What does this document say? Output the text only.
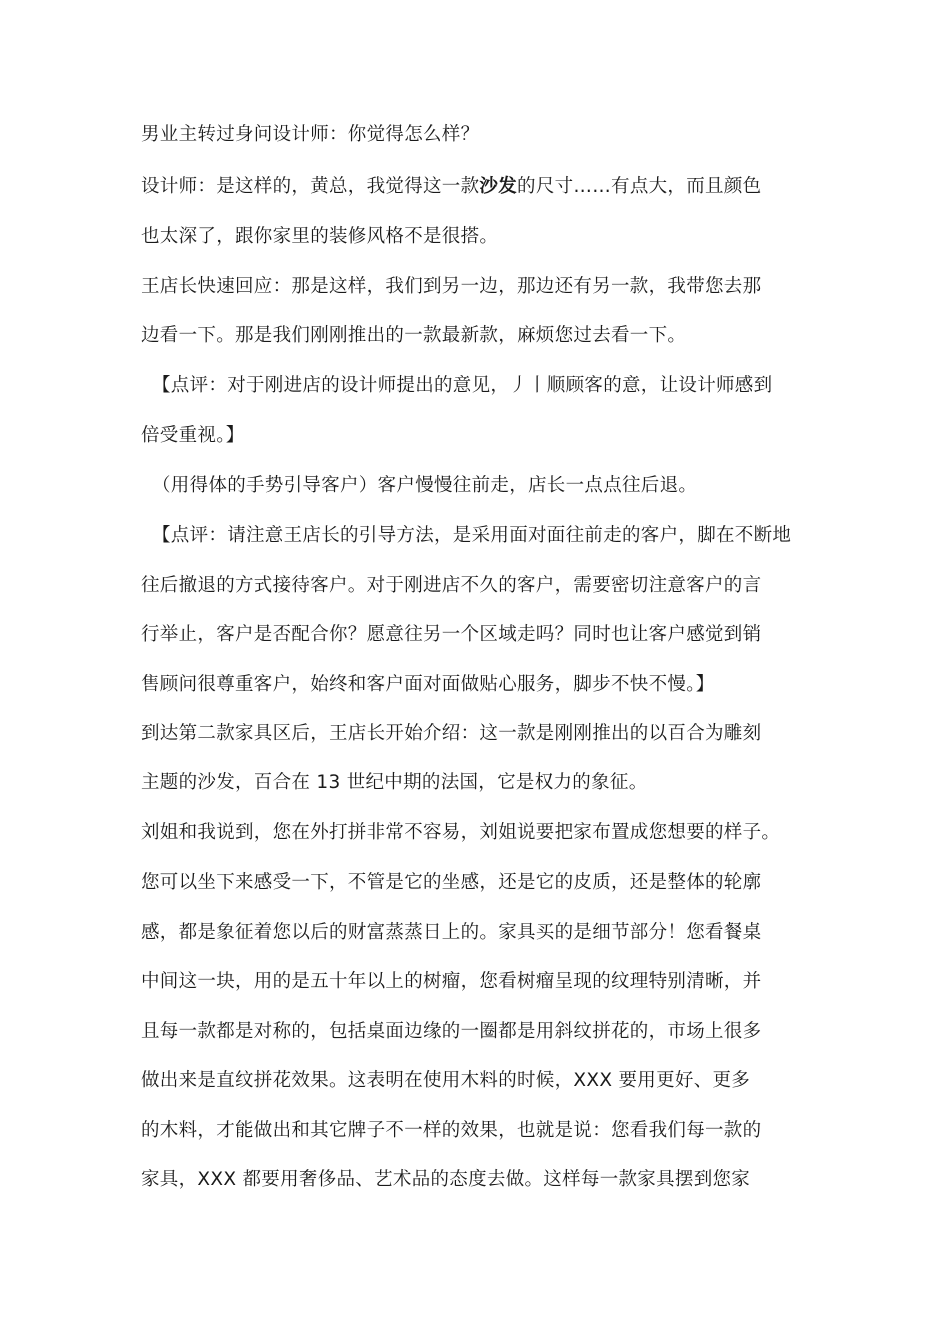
男业主转过身问设计师：你觉得怎么样？
设计师：是这样的，黄总，我觉得这一款沙发的尺寸……有点大，而且颜色
也太深了，跟你家里的装修风格不是很搭。
王店长快速回应：那是这样，我们到另一边，那边还有另一款，我带您去那
边看一下。那是我们刚刚推出的一款最新款，麻烦您过去看一下。
【点评：对于刚进店的设计师提出的意见，丿丨顺顾客的意，让设计师感到
倍受重视。】
（用得体的手势引导客户）客户慢慢往前走，店长一点点往后退。
【点评：请注意王店长的引导方法，是采用面对面往前走的客户，脚在不断地
往后撤退的方式接待客户。对于刚进店不久的客户，需要密切注意客户的言
行举止，客户是否配合你？愿意往另一个区域走吗？同时也让客户感觉到销
售顾问很尊重客户，始终和客户面对面做贴心服务，脚步不快不慢。】
到达第二款家具区后，王店长开始介绍：这一款是刚刚推出的以百合为雕刻
主题的沙发，百合在 13 世纪中期的法国，它是权力的象征。
刘姐和我说到，您在外打拼非常不容易，刘姐说要把家布置成您想要的样子。
您可以坐下来感受一下，不管是它的坐感，还是它的皮质，还是整体的轮廓
感，都是象征着您以后的财富蒸蒸日上的。家具买的是细节部分！您看餐桌
中间这一块，用的是五十年以上的树瘤，您看树瘤呈现的纹理特别清晰，并
且每一款都是对称的，包括桌面边缘的一圈都是用斜纹拼花的，市场上很多
做出来是直纹拼花效果。这表明在使用木料的时候，XXX 要用更好、更多
的木料，才能做出和其它牌子不一样的效果，也就是说：您看我们每一款的
家具，XXX 都要用奢侈品、艺术品的态度去做。这样每一款家具摆到您家
